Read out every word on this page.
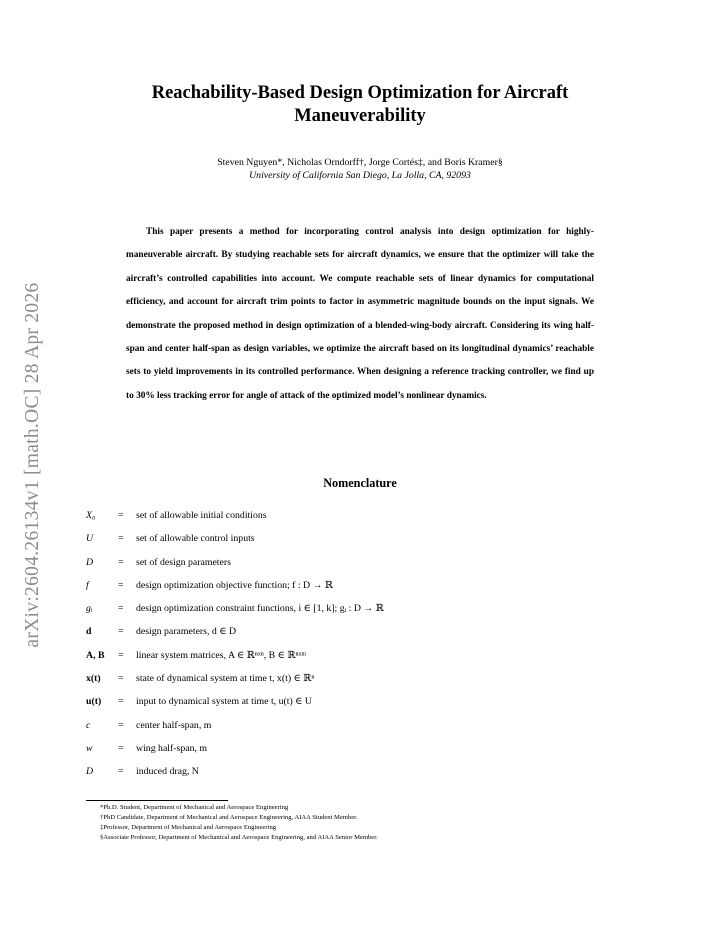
arXiv:2604.26134v1 [math.OC] 28 Apr 2026
Reachability-Based Design Optimization for Aircraft
Maneuverability
Steven Nguyen*, Nicholas Orndorff†, Jorge Cortés‡, and Boris Kramer§
University of California San Diego, La Jolla, CA, 92093

This paper presents a method for incorporating control analysis into design optimization for highly-maneuverable aircraft. By studying reachable sets for aircraft dynamics, we ensure that the optimizer will take the aircraft’s controlled capabilities into account. We compute reachable sets of linear dynamics for computational efficiency, and account for aircraft trim points to factor in asymmetric magnitude bounds on the input signals. We demonstrate the proposed method in design optimization of a blended-wing-body aircraft. Considering its wing half-span and center half-span as design variables, we optimize the aircraft based on its longitudinal dynamics’ reachable sets to yield improvements in its controlled performance. When designing a reference tracking controller, we find up to 30% less tracking error for angle of attack of the optimized model’s nonlinear dynamics.

Nomenclature
X₀ = set of allowable initial conditions
U	= set of allowable control inputs
D	= set of design parameters
f	= design optimization objective function; f : D → ℝ
gᵢ	= design optimization constraint functions, i ∈ [1, k]; gᵢ : D → ℝ
d	= design parameters, d ∈ D
A, B = linear system matrices, A ∈ ℝⁿˣⁿ, B ∈ ℝⁿˣᵐ
x(t) = state of dynamical system at time t, x(t) ∈ ℝⁿ
u(t) = input to dynamical system at time t, u(t) ∈ U
c	= center half-span, m
w	= wing half-span, m
D	= induced drag, N
*Ph.D. Student, Department of Mechanical and Aerospace Engineering
†PhD Candidate, Department of Mechanical and Aerospace Engineering, AIAA Student Member.
‡Professor, Department of Mechanical and Aerospace Engineering
§Associate Professor, Department of Mechanical and Aerospace Engineering, and AIAA Senior Member.
